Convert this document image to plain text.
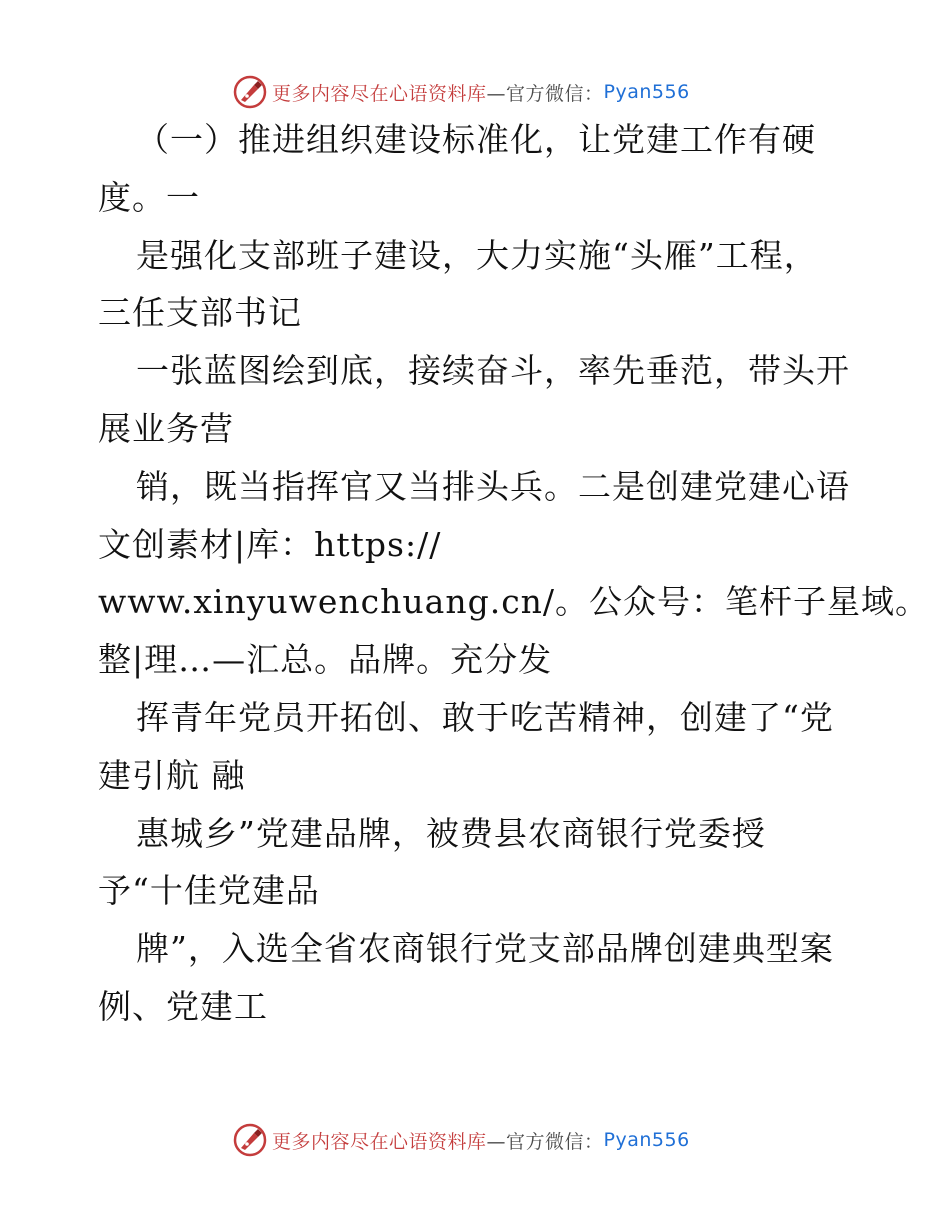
更多内容尽在心语资料库 —官方微信： Pyan556
（一）推进组织建设标准化，让党建工作有硬
度。一
是强化支部班子建设，大力实施“头雁”工程，
三任支部书记
一张蓝图绘到底，接续奋斗，率先垂范，带头开
展业务营
销，既当指挥官又当排头兵。二是创建党建心语
文创素材|库：https://
www.xinyuwenchuang.cn/。公众号：笔杆子星域。
整|理…—汇总。品牌。充分发
挥青年党员开拓创、敢于吃苦精神，创建了“党
建引航 融
惠城乡”党建品牌，被费县农商银行党委授
予“十佳党建品
牌”，入选全省农商银行党支部品牌创建典型案
例、党建工
更多内容尽在心语资料库 —官方微信： Pyan556
